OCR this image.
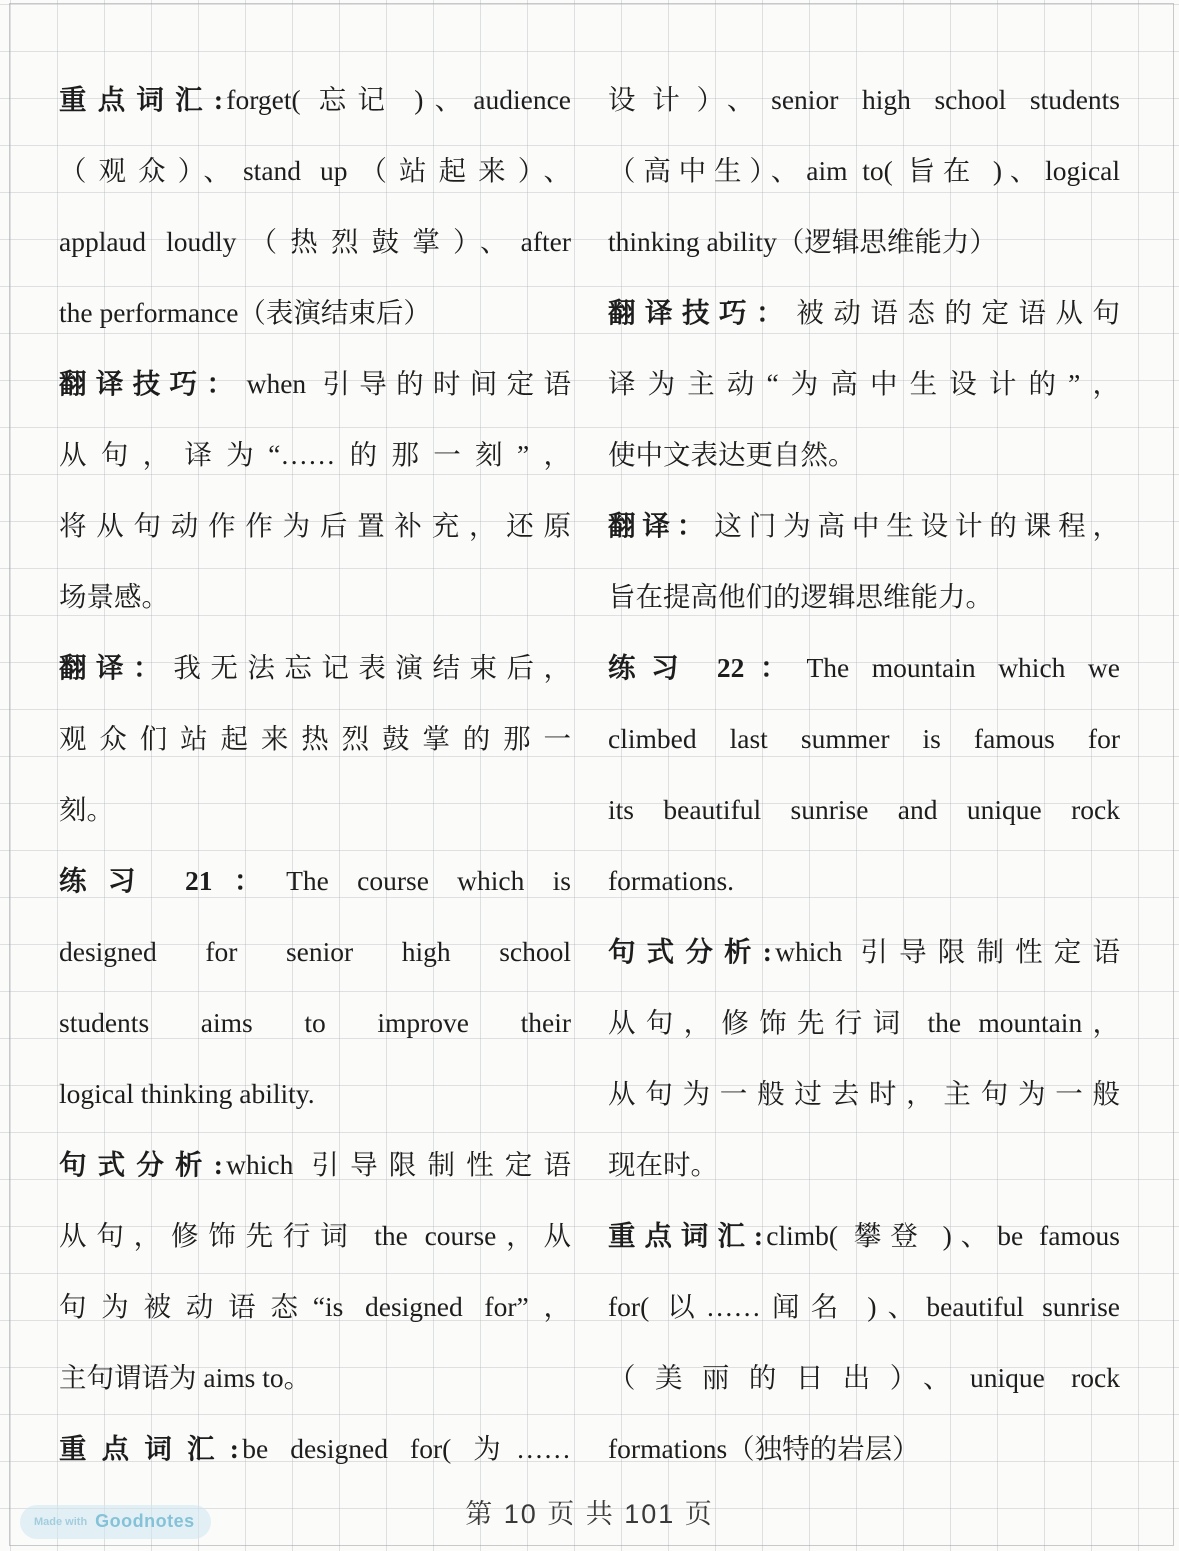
重点词汇: forget( 忘记 )、audience
（观众）、stand up（站起来）、
applaud loudly（热烈鼓掌）、after
the performance（表演结束后）
翻译技巧： when 引导的时间定语
从句，译为“……的那一刻”，
将从句动作作为后置补充，还原
场景感。
翻译： 我无法忘记表演结束后，
观众们站起来热烈鼓掌的那一
刻。
练习 21： The course which is
designed for senior high school
students aims to improve their
logical thinking ability.
句式分析: which 引导限制性定语
从句，修饰先行词 the course，从
句为被动语态“is designed for”，
主句谓语为 aims to。
重点词汇: be designed for( 为……
设计）、senior high school students
（高中生）、aim to( 旨在 )、logical
thinking ability（逻辑思维能力）
翻译技巧： 被动语态的定语从句
译为主动“为高中生设计的”，
使中文表达更自然。
翻译： 这门为高中生设计的课程，
旨在提高他们的逻辑思维能力。
练习 22： The mountain which we
climbed last summer is famous for
its beautiful sunrise and unique rock
formations.
句式分析: which 引导限制性定语
从句，修饰先行词 the mountain，
从句为一般过去时，主句为一般
现在时。
重点词汇: climb( 攀登 )、be famous
for( 以……闻名 )、beautiful sunrise
（美丽的日出）、unique rock
formations（独特的岩层）
第 10 页 共 101 页
Made with Goodnotes
